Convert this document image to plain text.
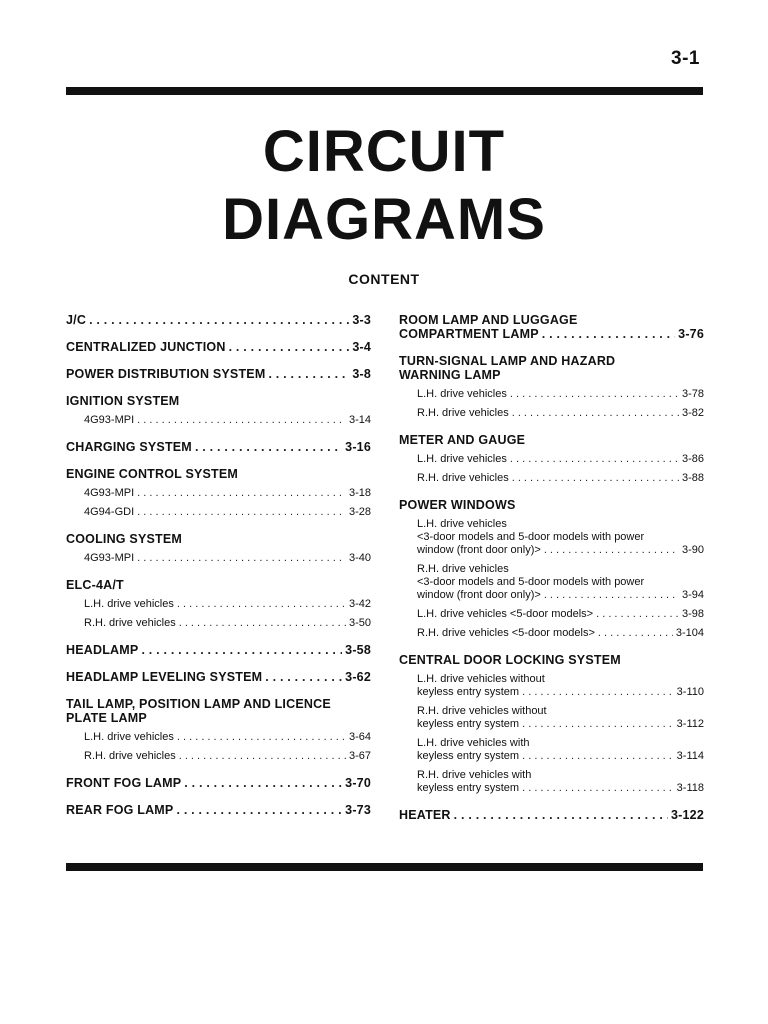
3-1
CIRCUIT
DIAGRAMS
CONTENT
J/C . . .	3-3
CENTRALIZED JUNCTION . . .	3-4
POWER DISTRIBUTION SYSTEM . . .	3-8
IGNITION SYSTEM
4G93-MPI . . .	3-14
CHARGING SYSTEM . . .	3-16
ENGINE CONTROL SYSTEM
4G93-MPI . . .	3-18
4G94-GDI . . .	3-28
COOLING SYSTEM
4G93-MPI . . .	3-40
ELC-4A/T
L.H. drive vehicles . . .	3-42
R.H. drive vehicles . . .	3-50
HEADLAMP . . .	3-58
HEADLAMP LEVELING SYSTEM . . .	3-62
TAIL LAMP, POSITION LAMP AND LICENCE
PLATE LAMP
L.H. drive vehicles . . .	3-64
R.H. drive vehicles . . .	3-67
FRONT FOG LAMP . . .	3-70
REAR FOG LAMP . . .	3-73
ROOM LAMP AND LUGGAGE
COMPARTMENT LAMP . . .	3-76
TURN-SIGNAL LAMP AND HAZARD
WARNING LAMP
L.H. drive vehicles . . .	3-78
R.H. drive vehicles . . .	3-82
METER AND GAUGE
L.H. drive vehicles . . .	3-86
R.H. drive vehicles . . .	3-88
POWER WINDOWS
L.H. drive vehicles
<3-door models and 5-door models with power
window (front door only)> . . .	3-90
R.H. drive vehicles
<3-door models and 5-door models with power
window (front door only)> . . .	3-94
L.H. drive vehicles <5-door models> . . .	3-98
R.H. drive vehicles <5-door models> . . .	3-104
CENTRAL DOOR LOCKING SYSTEM
L.H. drive vehicles without
keyless entry system . . .	3-110
R.H. drive vehicles without
keyless entry system . . .	3-112
L.H. drive vehicles with
keyless entry system . . .	3-114
R.H. drive vehicles with
keyless entry system . . .	3-118
HEATER . . .	3-122
